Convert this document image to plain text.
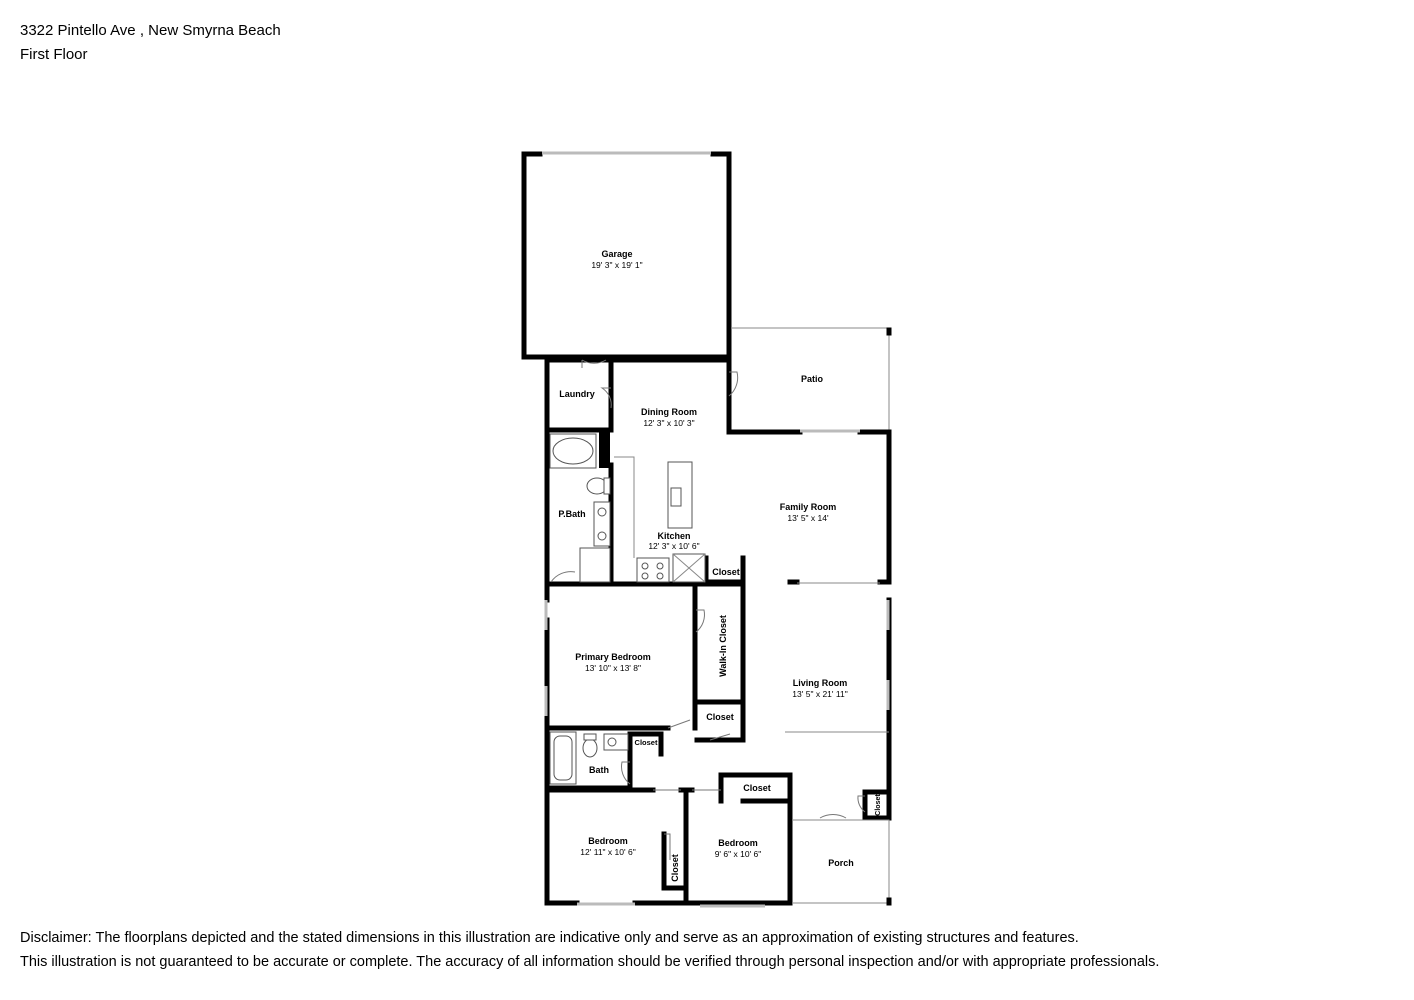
3322 Pintello Ave , New Smyrna Beach
First Floor
Garage
19' 3" x 19' 1"
Laundry
Patio
Dining Room
12' 3" x 10' 3"
Family Room
13' 5" x 14'
P.Bath
Kitchen
12' 3" x 10' 6"
Closet
Primary Bedroom
13' 10" x 13' 8"	Walk-In Closet
Living Room
13' 5" x 21' 11"
Closet
Closet
Bath
Closet
Closet
Bedroom
12' 11" x 10' 6"
Closet
Bedroom
9' 6" x 10' 6"
Porch
Disclaimer: The floorplans depicted and the stated dimensions in this illustration are indicative only and serve as an approximation of existing structures and features.
This illustration is not guaranteed to be accurate or complete. The accuracy of all information should be verified through personal inspection and/or with appropriate professionals.
